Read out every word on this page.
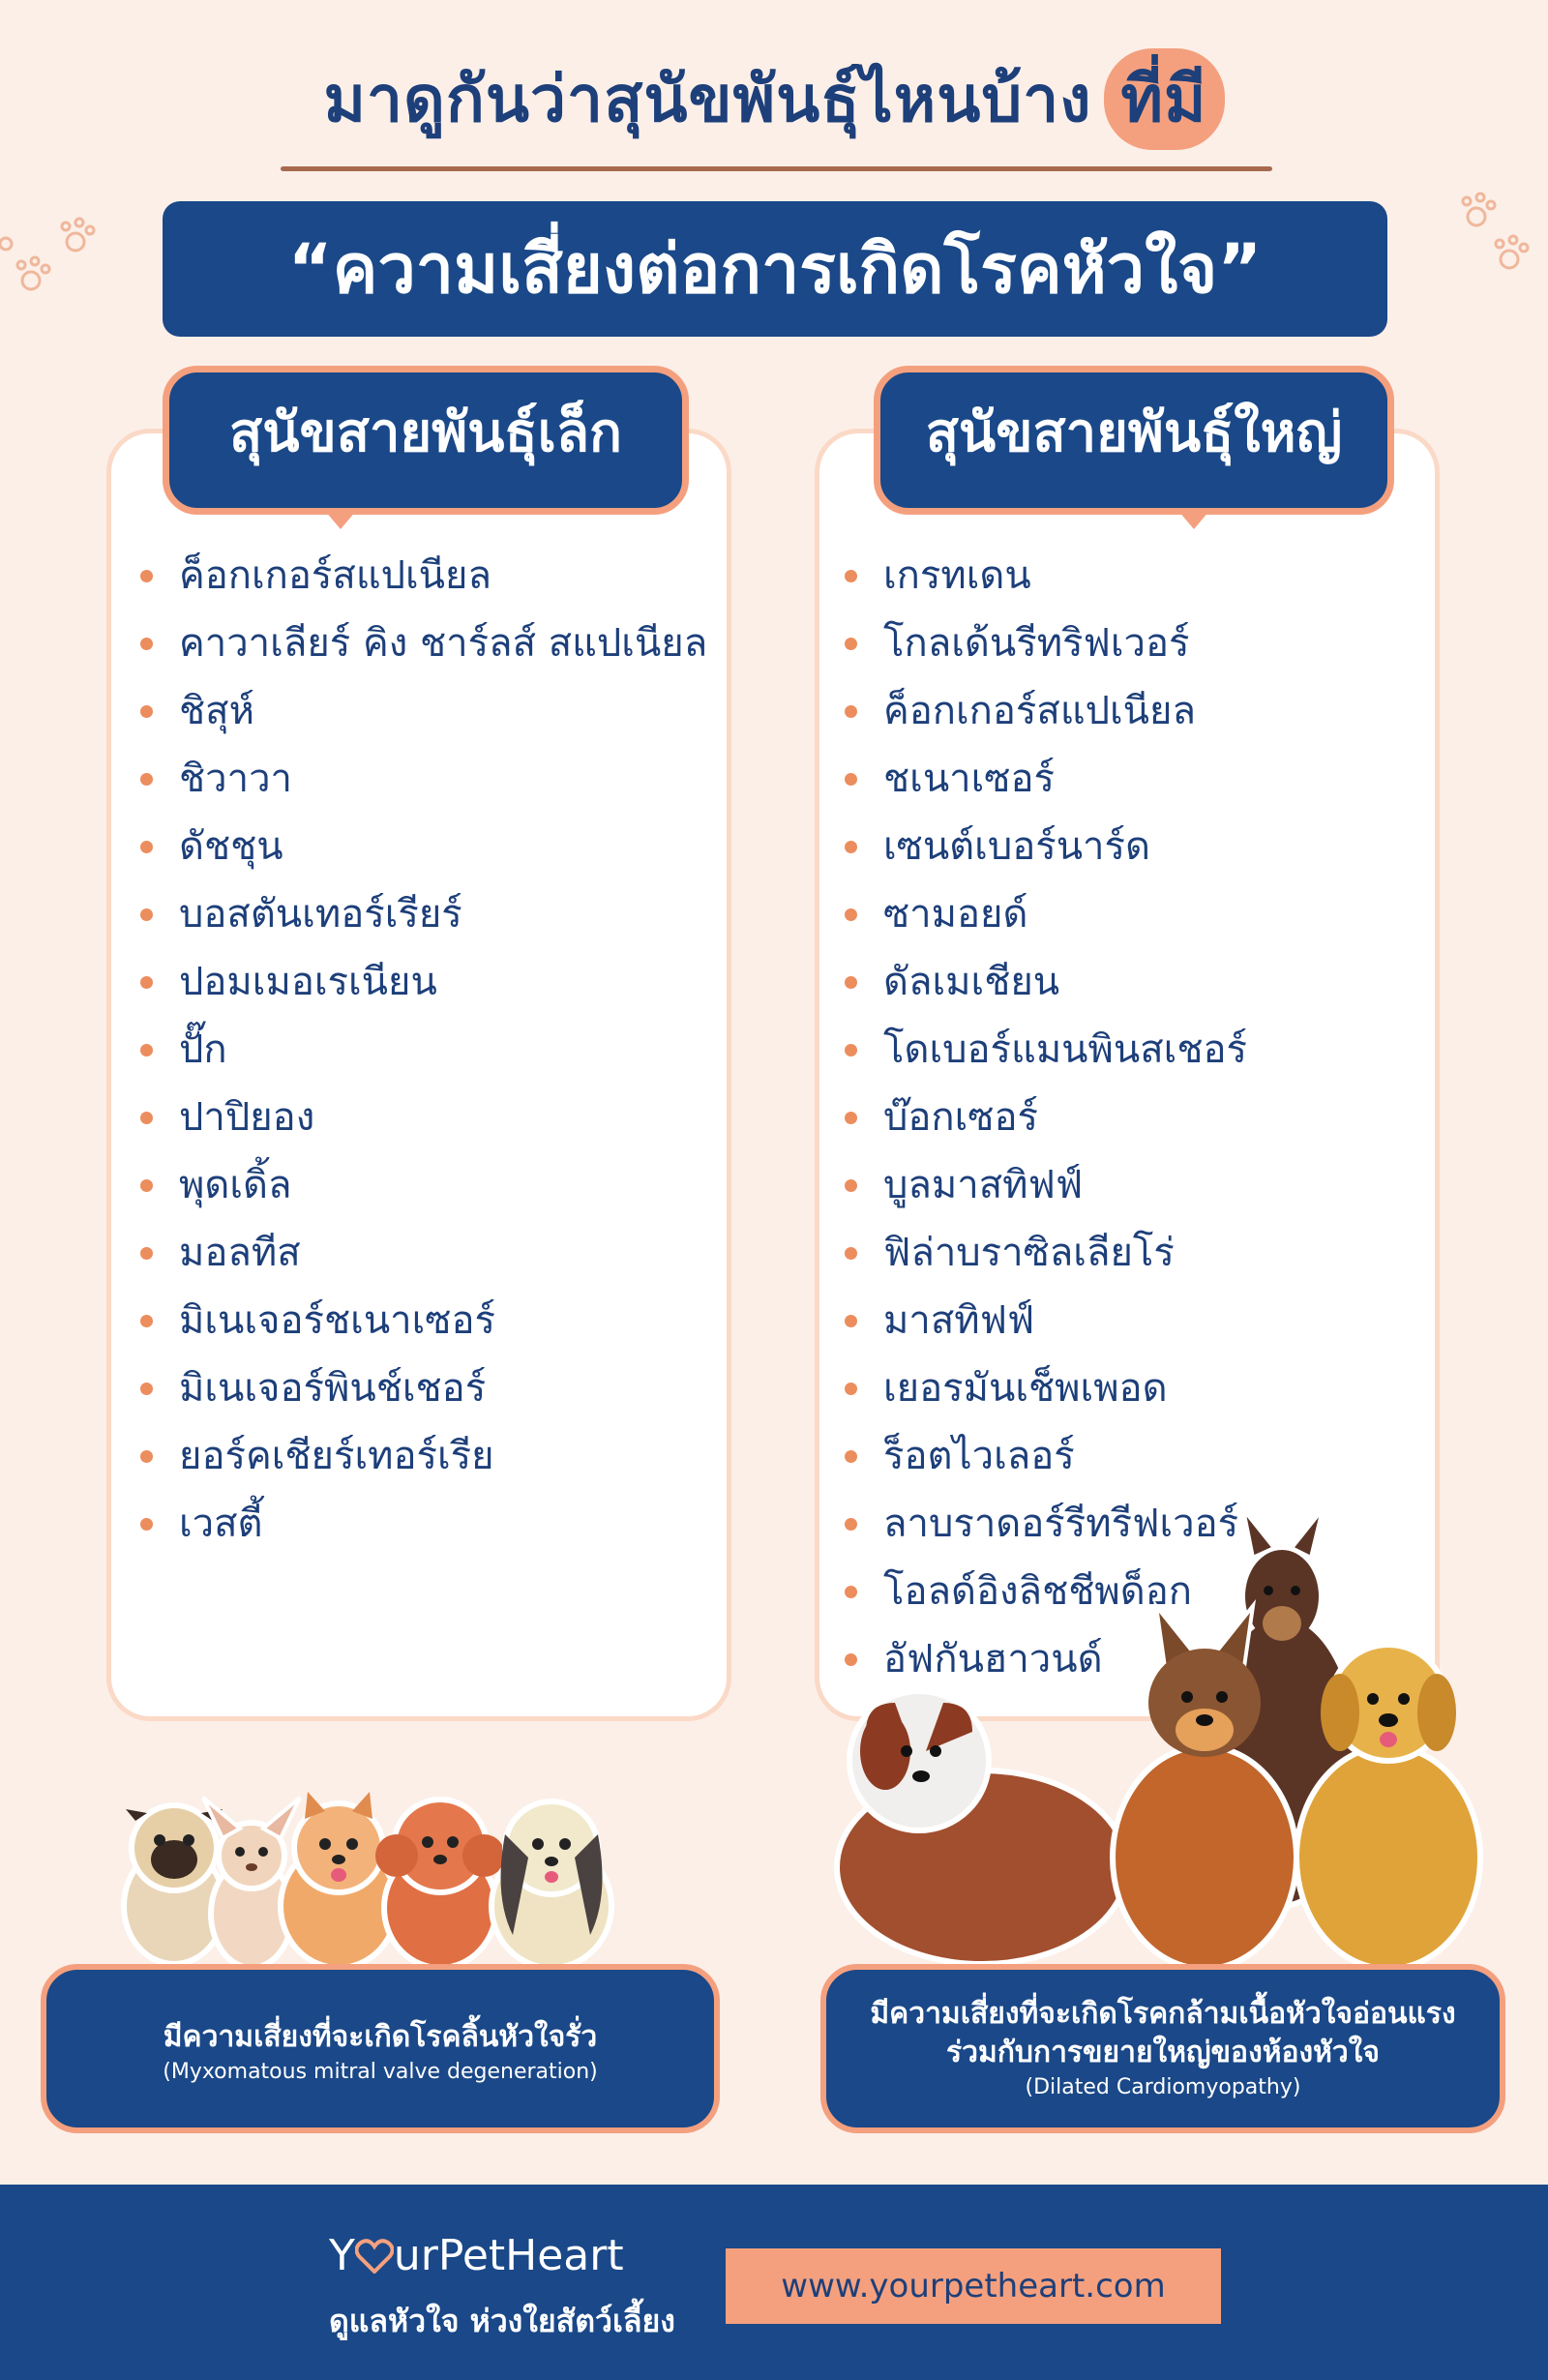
มาดูกันว่าสุนัขพันธุ์ไหนบ้าง ที่มี
“ความเสี่ยงต่อการเกิดโรคหัวใจ”
สุนัขสายพันธุ์เล็ก	สุนัขสายพันธุ์ใหญ่
ค็อกเกอร์สแปเนียล
คาวาเลียร์ คิง ชาร์ลส์ สแปเนียล
ชิสุห์
ชิวาวา
ดัชชุน
บอสตันเทอร์เรียร์
ปอมเมอเรเนียน
ปั๊ก
ปาปิยอง
พุดเดิ้ล
มอลทีส
มิเนเจอร์ชเนาเซอร์
มิเนเจอร์พินช์เชอร์
ยอร์คเชียร์เทอร์เรีย
เวสตี้
เกรทเดน
โกลเด้นรีทริฟเวอร์
ค็อกเกอร์สแปเนียล
ชเนาเซอร์
เซนต์เบอร์นาร์ด
ซามอยด์
ดัลเมเชียน
โดเบอร์แมนพินสเชอร์
บ๊อกเซอร์
บูลมาสทิฟฟ์
ฟิล่าบราซิลเลียโร่
มาสทิฟฟ์
เยอรมันเช็พเพอด
ร็อตไวเลอร์
ลาบราดอร์รีทรีฟเวอร์
โอลด์อิงลิชชีพด็อก
อัฟกันฮาวนด์
มีความเสี่ยงที่จะเกิดโรคลิ้นหัวใจรั่ว
(Myxomatous mitral valve degeneration)
มีความเสี่ยงที่จะเกิดโรคกล้ามเนื้อหัวใจอ่อนแรง
ร่วมกับการขยายใหญ่ของห้องหัวใจ
(Dilated Cardiomyopathy)
Y urPetHeart
ดูแลหัวใจ ห่วงใยสัตว์เลี้ยง
www.yourpetheart.com
